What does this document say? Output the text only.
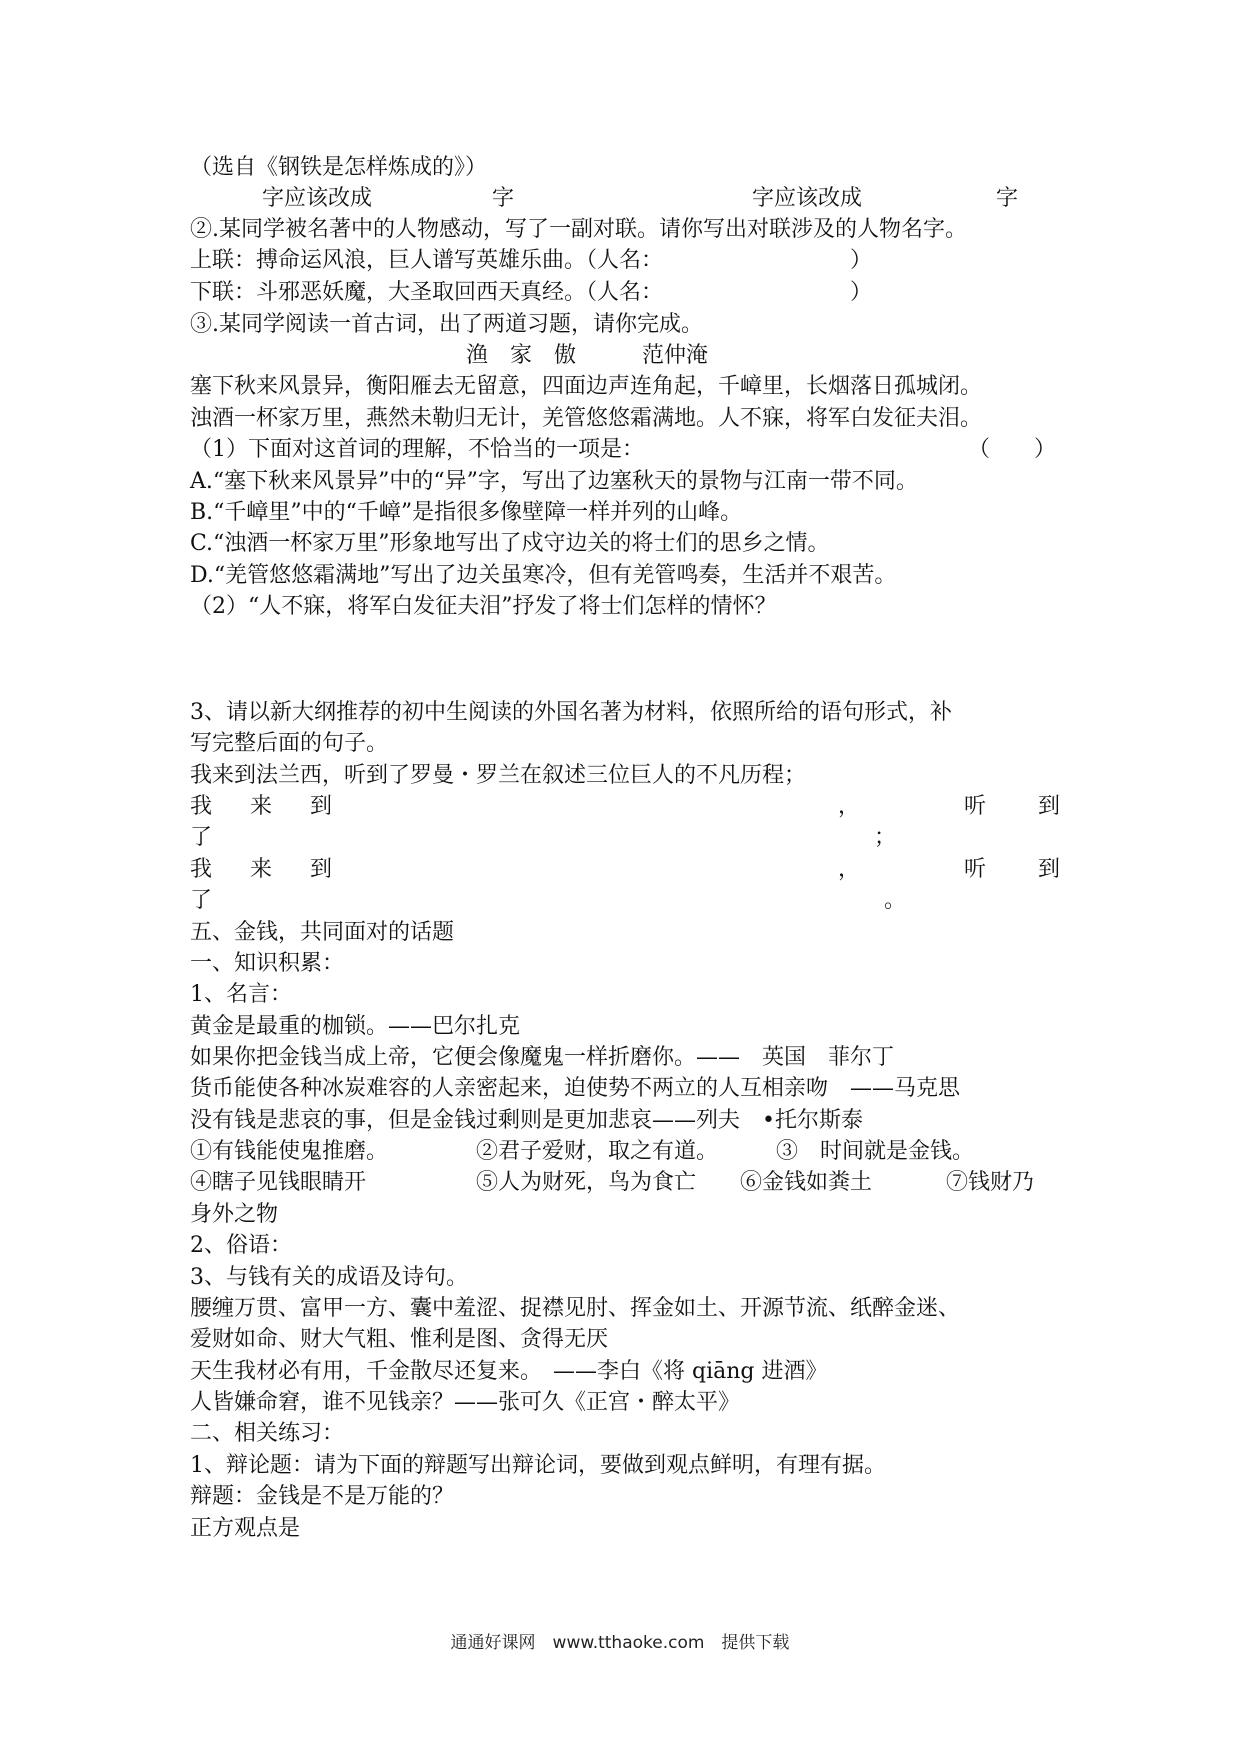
（选自《钢铁是怎样炼成的》）
字应该改成	字	字应该改成	字
②.某同学被名著中的人物感动，写了一副对联。请你写出对联涉及的人物名字。
上联：搏命运风浪，巨人谱写英雄乐曲。（人名：	）
下联：斗邪恶妖魔，大圣取回西天真经。（人名：	）
③.某同学阅读一首古词，出了两道习题，请你完成。
渔　家　傲	范仲淹
塞下秋来风景异，衡阳雁去无留意，四面边声连角起，千嶂里，长烟落日孤城闭。
浊酒一杯家万里，燕然未勒归无计，羌管悠悠霜满地。人不寐，将军白发征夫泪。
（1）下面对这首词的理解，不恰当的一项是：	（　　）
A.“塞下秋来风景异”中的“异”字，写出了边塞秋天的景物与江南一带不同。
B.“千嶂里”中的“千嶂”是指很多像壁障一样并列的山峰。
C.“浊酒一杯家万里”形象地写出了戍守边关的将士们的思乡之情。
D.“羌管悠悠霜满地”写出了边关虽寒冷，但有羌管鸣奏，生活并不艰苦。
（2）“人不寐，将军白发征夫泪”抒发了将士们怎样的情怀？
3、请以新大纲推荐的初中生阅读的外国名著为材料，依照所给的语句形式，补
写完整后面的句子。
我来到法兰西，听到了罗曼・罗兰在叙述三位巨人的不凡历程；
我 来 到	，	听 到
了	；
我 来 到	，	听 到
了	。
五、金钱，共同面对的话题
一、知识积累：
1、名言：
黄金是最重的枷锁。——巴尔扎克
如果你把金钱当成上帝，它便会像魔鬼一样折磨你。——　英国　菲尔丁
货币能使各种冰炭难容的人亲密起来，迫使势不两立的人互相亲吻　——马克思
没有钱是悲哀的事，但是金钱过剩则是更加悲哀——列夫　•托尔斯泰
①有钱能使鬼推磨。	②君子爱财，取之有道。	③　时间就是金钱。
④瞎子见钱眼睛开	⑤人为财死，鸟为食亡 ⑥金钱如粪土	⑦钱财乃
身外之物
2、俗语：
3、与钱有关的成语及诗句。
腰缠万贯、富甲一方、囊中羞涩、捉襟见肘、挥金如土、开源节流、纸醉金迷、
爱财如命、财大气粗、惟利是图、贪得无厌
天生我材必有用，千金散尽还复来。　——李白《将 qiāng 进酒》
人皆嫌命窘，谁不见钱亲？——张可久《正宫・醉太平》
二、相关练习：
1、辩论题：请为下面的辩题写出辩论词，要做到观点鲜明，有理有据。
辩题：金钱是不是万能的？
正方观点是
通通好课网　www.tthaoke.com　提供下载
